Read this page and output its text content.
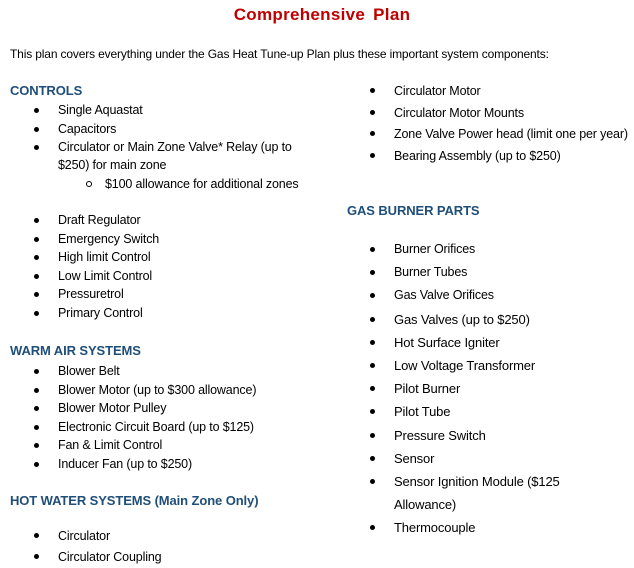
Comprehensive Plan
This plan covers everything under the Gas Heat Tune-up Plan plus these important system components:
CONTROLS
Single Aquastat
Capacitors
Circulator or Main Zone Valve* Relay (up to $250) for main zone
$100 allowance for additional zones
Draft Regulator
Emergency Switch
High limit Control
Low Limit Control
Pressuretrol
Primary Control
WARM AIR SYSTEMS
Blower Belt
Blower Motor (up to $300 allowance)
Blower Motor Pulley
Electronic Circuit Board (up to $125)
Fan & Limit Control
Inducer Fan (up to $250)
HOT WATER SYSTEMS (Main Zone Only)
Circulator
Circulator Coupling
Circulator Motor
Circulator Motor Mounts
Zone Valve Power head (limit one per year)
Bearing Assembly (up to $250)
GAS BURNER PARTS
Burner Orifices
Burner Tubes
Gas Valve Orifices
Gas Valves (up to $250)
Hot Surface Igniter
Low Voltage Transformer
Pilot Burner
Pilot Tube
Pressure Switch
Sensor
Sensor Ignition Module ($125 Allowance)
Thermocouple
